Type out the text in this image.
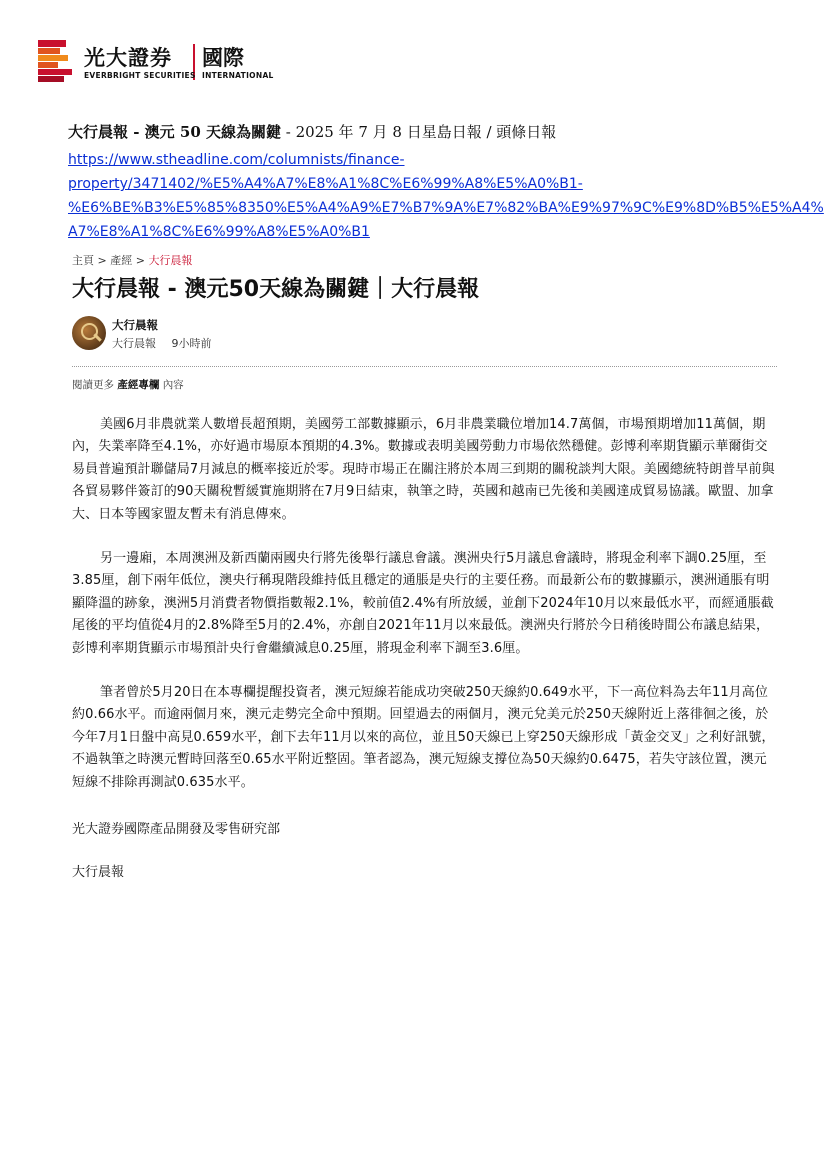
光大證券 國際
EVERBRIGHT SECURITIES INTERNATIONAL
大行晨報 - 澳元 50 天線為關鍵 - 2025 年 7 月 8 日星島日報 / 頭條日報
https://www.stheadline.com/columnists/finance-
property/3471402/%E5%A4%A7%E8%A1%8C%E6%99%A8%E5%A0%B1-
%E6%BE%B3%E5%85%8350%E5%A4%A9%E7%B7%9A%E7%82%BA%E9%97%9C%E9%8D%B5%E5%A4%
A7%E8%A1%8C%E6%99%A8%E5%A0%B1
主頁 > 產經 > 大行晨報
大行晨報 - 澳元50天線為關鍵｜大行晨報
大行晨報
大行晨報 9小時前
閱讀更多 產經專欄 內容

美國6月非農就業人數增長超預期，美國勞工部數據顯示，6月非農業職位增加14.7萬個，市場預期增加11萬個，期內，失業率降至4.1%，亦好過市場原本預期的4.3%。數據或表明美國勞動力市場依然穩健。彭博利率期貨顯示華爾街交易員普遍預計聯儲局7月減息的概率接近於零。現時市場正在關注將於本周三到期的關稅談判大限。美國總統特朗普早前與各貿易夥伴簽訂的90天關稅暫緩實施期將在7月9日結束，執筆之時，英國和越南已先後和美國達成貿易協議。歐盟、加拿大、日本等國家盟友暫未有消息傳來。

另一邊廂，本周澳洲及新西蘭兩國央行將先後舉行議息會議。澳洲央行5月議息會議時，將現金利率下調0.25厘，至3.85厘，創下兩年低位，澳央行稱現階段維持低且穩定的通脹是央行的主要任務。而最新公布的數據顯示，澳洲通脹有明顯降溫的跡象，澳洲5月消費者物價指數報2.1%，較前值2.4%有所放緩，並創下2024年10月以來最低水平，而經通脹截尾後的平均值從4月的2.8%降至5月的2.4%，亦創自2021年11月以來最低。澳洲央行將於今日稍後時間公布議息結果，彭博利率期貨顯示市場預計央行會繼續減息0.25厘，將現金利率下調至3.6厘。

筆者曾於5月20日在本專欄提醒投資者，澳元短線若能成功突破250天線約0.649水平，下一高位料為去年11月高位約0.66水平。而逾兩個月來，澳元走勢完全命中預期。回望過去的兩個月，澳元兌美元於250天線附近上落徘徊之後，於今年7月1日盤中高見0.659水平，創下去年11月以來的高位，並且50天線已上穿250天線形成「黃金交叉」之利好訊號，不過執筆之時澳元暫時回落至0.65水平附近整固。筆者認為，澳元短線支撐位為50天線約0.6475，若失守該位置，澳元短線不排除再測試0.635水平。

光大證券國際產品開發及零售研究部
大行晨報
